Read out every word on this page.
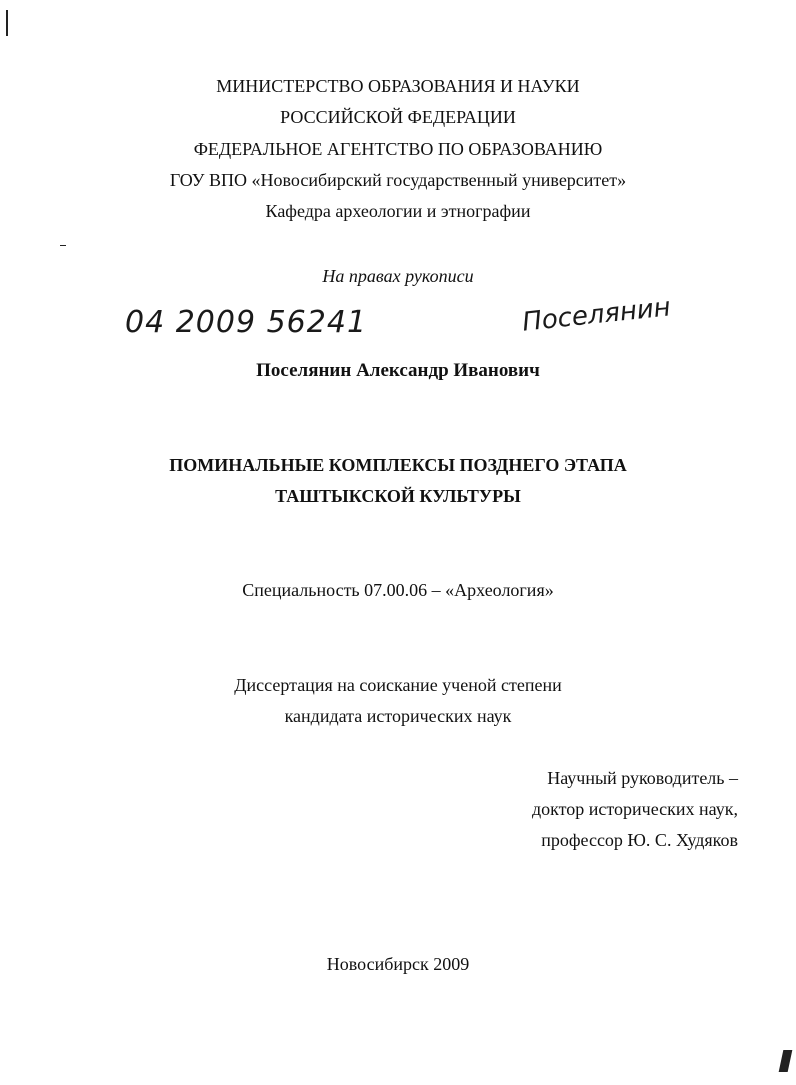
МИНИСТЕРСТВО ОБРАЗОВАНИЯ И НАУКИ
РОССИЙСКОЙ ФЕДЕРАЦИИ
ФЕДЕРАЛЬНОЕ АГЕНТСТВО ПО ОБРАЗОВАНИЮ
ГОУ ВПО «Новосибирский государственный университет»
Кафедра археологии и этнографии
На правах рукописи
04 2009 56241	Поселянин
Поселянин Александр Иванович
ПОМИНАЛЬНЫЕ КОМПЛЕКСЫ ПОЗДНЕГО ЭТАПА
ТАШТЫКСКОЙ КУЛЬТУРЫ
Специальность 07.00.06 – «Археология»
Диссертация на соискание ученой степени
кандидата исторических наук
Научный руководитель –
доктор исторических наук,
профессор Ю. С. Худяков
Новосибирск 2009
